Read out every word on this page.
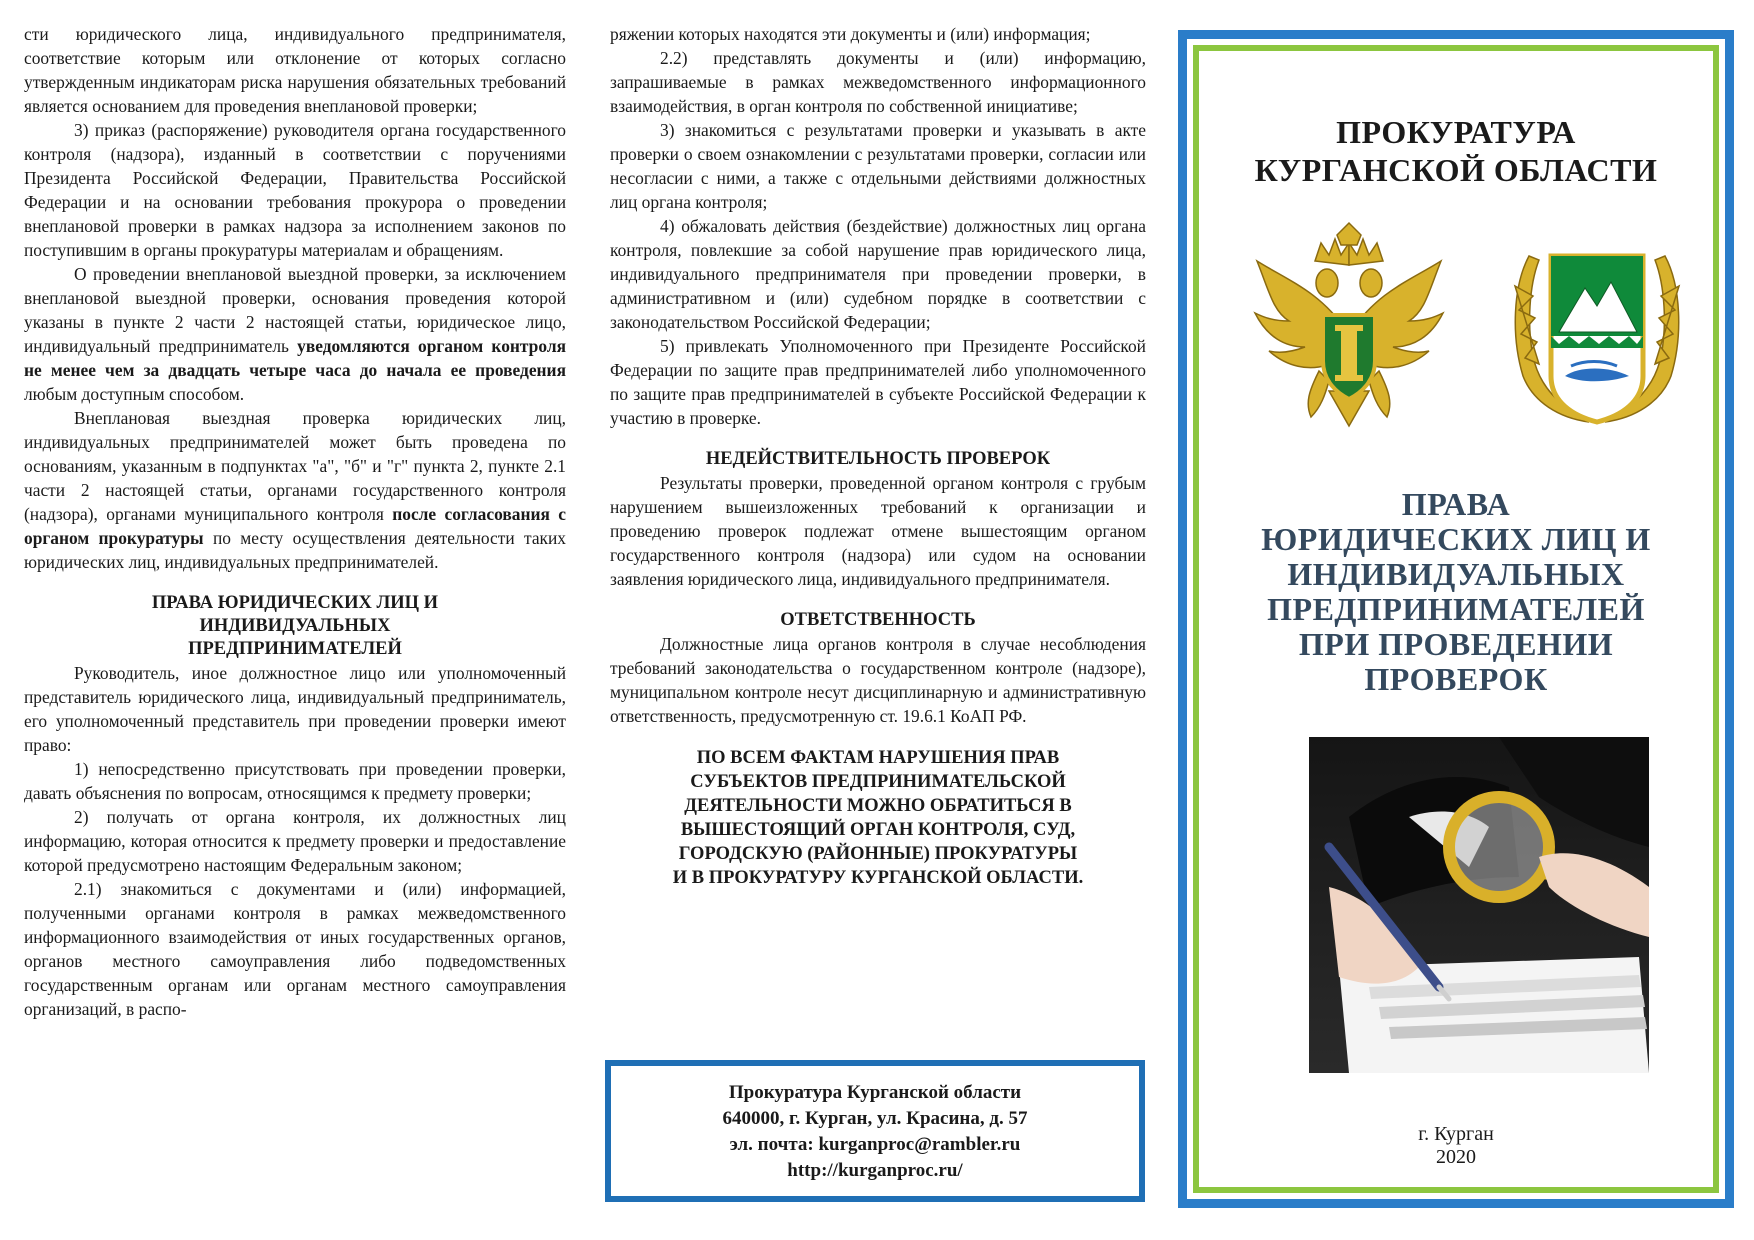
сти юридического лица, индивидуального предпринимателя, соответствие которым или отклонение от которых согласно утвержденным индикаторам риска нарушения обязательных требований является основанием для проведения внеплановой проверки;

3) приказ (распоряжение) руководителя органа государственного контроля (надзора), изданный в соответствии с поручениями Президента Российской Федерации, Правительства Российской Федерации и на основании требования прокурора о проведении внеплановой проверки в рамках надзора за исполнением законов по поступившим в органы прокуратуры материалам и обращениям.

О проведении внеплановой выездной проверки, за исключением внеплановой выездной проверки, основания проведения которой указаны в пункте 2 части 2 настоящей статьи, юридическое лицо, индивидуальный предприниматель уведомляются органом контроля не менее чем за двадцать четыре часа до начала ее проведения любым доступным способом.

Внеплановая выездная проверка юридических лиц, индивидуальных предпринимателей может быть проведена по основаниям, указанным в подпунктах "а", "б" и "г" пункта 2, пункте 2.1 части 2 настоящей статьи, органами государственного контроля (надзора), органами муниципального контроля после согласования с органом прокуратуры по месту осуществления деятельности таких юридических лиц, индивидуальных предпринимателей.

ПРАВА ЮРИДИЧЕСКИХ ЛИЦ И
ИНДИВИДУАЛЬНЫХ
ПРЕДПРИНИМАТЕЛЕЙ

Руководитель, иное должностное лицо или уполномоченный представитель юридического лица, индивидуальный предприниматель, его уполномоченный представитель при проведении проверки имеют право:

1) непосредственно присутствовать при проведении проверки, давать объяснения по вопросам, относящимся к предмету проверки;

2) получать от органа контроля, их должностных лиц информацию, которая относится к предмету проверки и предоставление которой предусмотрено настоящим Федеральным законом;

2.1) знакомиться с документами и (или) информацией, полученными органами контроля в рамках межведомственного информационного взаимодействия от иных государственных органов, органов местного самоуправления либо подведомственных государственным органам или органам местного самоуправления организаций, в распо-

ряжении которых находятся эти документы и (или) информация;

2.2) представлять документы и (или) информацию, запрашиваемые в рамках межведомственного информационного взаимодействия, в орган контроля по собственной инициативе;

3) знакомиться с результатами проверки и указывать в акте проверки о своем ознакомлении с результатами проверки, согласии или несогласии с ними, а также с отдельными действиями должностных лиц органа контроля;

4) обжаловать действия (бездействие) должностных лиц органа контроля, повлекшие за собой нарушение прав юридического лица, индивидуального предпринимателя при проведении проверки, в административном и (или) судебном порядке в соответствии с законодательством Российской Федерации;

5) привлекать Уполномоченного при Президенте Российской Федерации по защите прав предпринимателей либо уполномоченного по защите прав предпринимателей в субъекте Российской Федерации к участию в проверке.

НЕДЕЙСТВИТЕЛЬНОСТЬ ПРОВЕРОК

Результаты проверки, проведенной органом контроля с грубым нарушением вышеизложенных требований к организации и проведению проверок подлежат отмене вышестоящим органом государственного контроля (надзора) или судом на основании заявления юридического лица, индивидуального предпринимателя.

ОТВЕТСТВЕННОСТЬ

Должностные лица органов контроля в случае несоблюдения требований законодательства о государственном контроле (надзоре), муниципальном контроле несут дисциплинарную и административную ответственность, предусмотренную ст. 19.6.1 КоАП РФ.

ПО ВСЕМ ФАКТАМ НАРУШЕНИЯ ПРАВ
СУБЪЕКТОВ ПРЕДПРИНИМАТЕЛЬСКОЙ
ДЕЯТЕЛЬНОСТИ МОЖНО ОБРАТИТЬСЯ В
ВЫШЕСТОЯЩИЙ ОРГАН КОНТРОЛЯ, СУД,
ГОРОДСКУЮ (РАЙОННЫЕ) ПРОКУРАТУРЫ
И В ПРОКУРАТУРУ КУРГАНСКОЙ ОБЛАСТИ.

Прокуратура Курганской области

640000, г. Курган, ул. Красина, д. 57

эл. почта: kurganproc@rambler.ru

http://kurganproc.ru/

ПРОКУРАТУРА
КУРГАНСКОЙ ОБЛАСТИ
ПРАВА
ЮРИДИЧЕСКИХ ЛИЦ И
ИНДИВИДУАЛЬНЫХ
ПРЕДПРИНИМАТЕЛЕЙ
ПРИ ПРОВЕДЕНИИ
ПРОВЕРОК
г. Курган
2020
